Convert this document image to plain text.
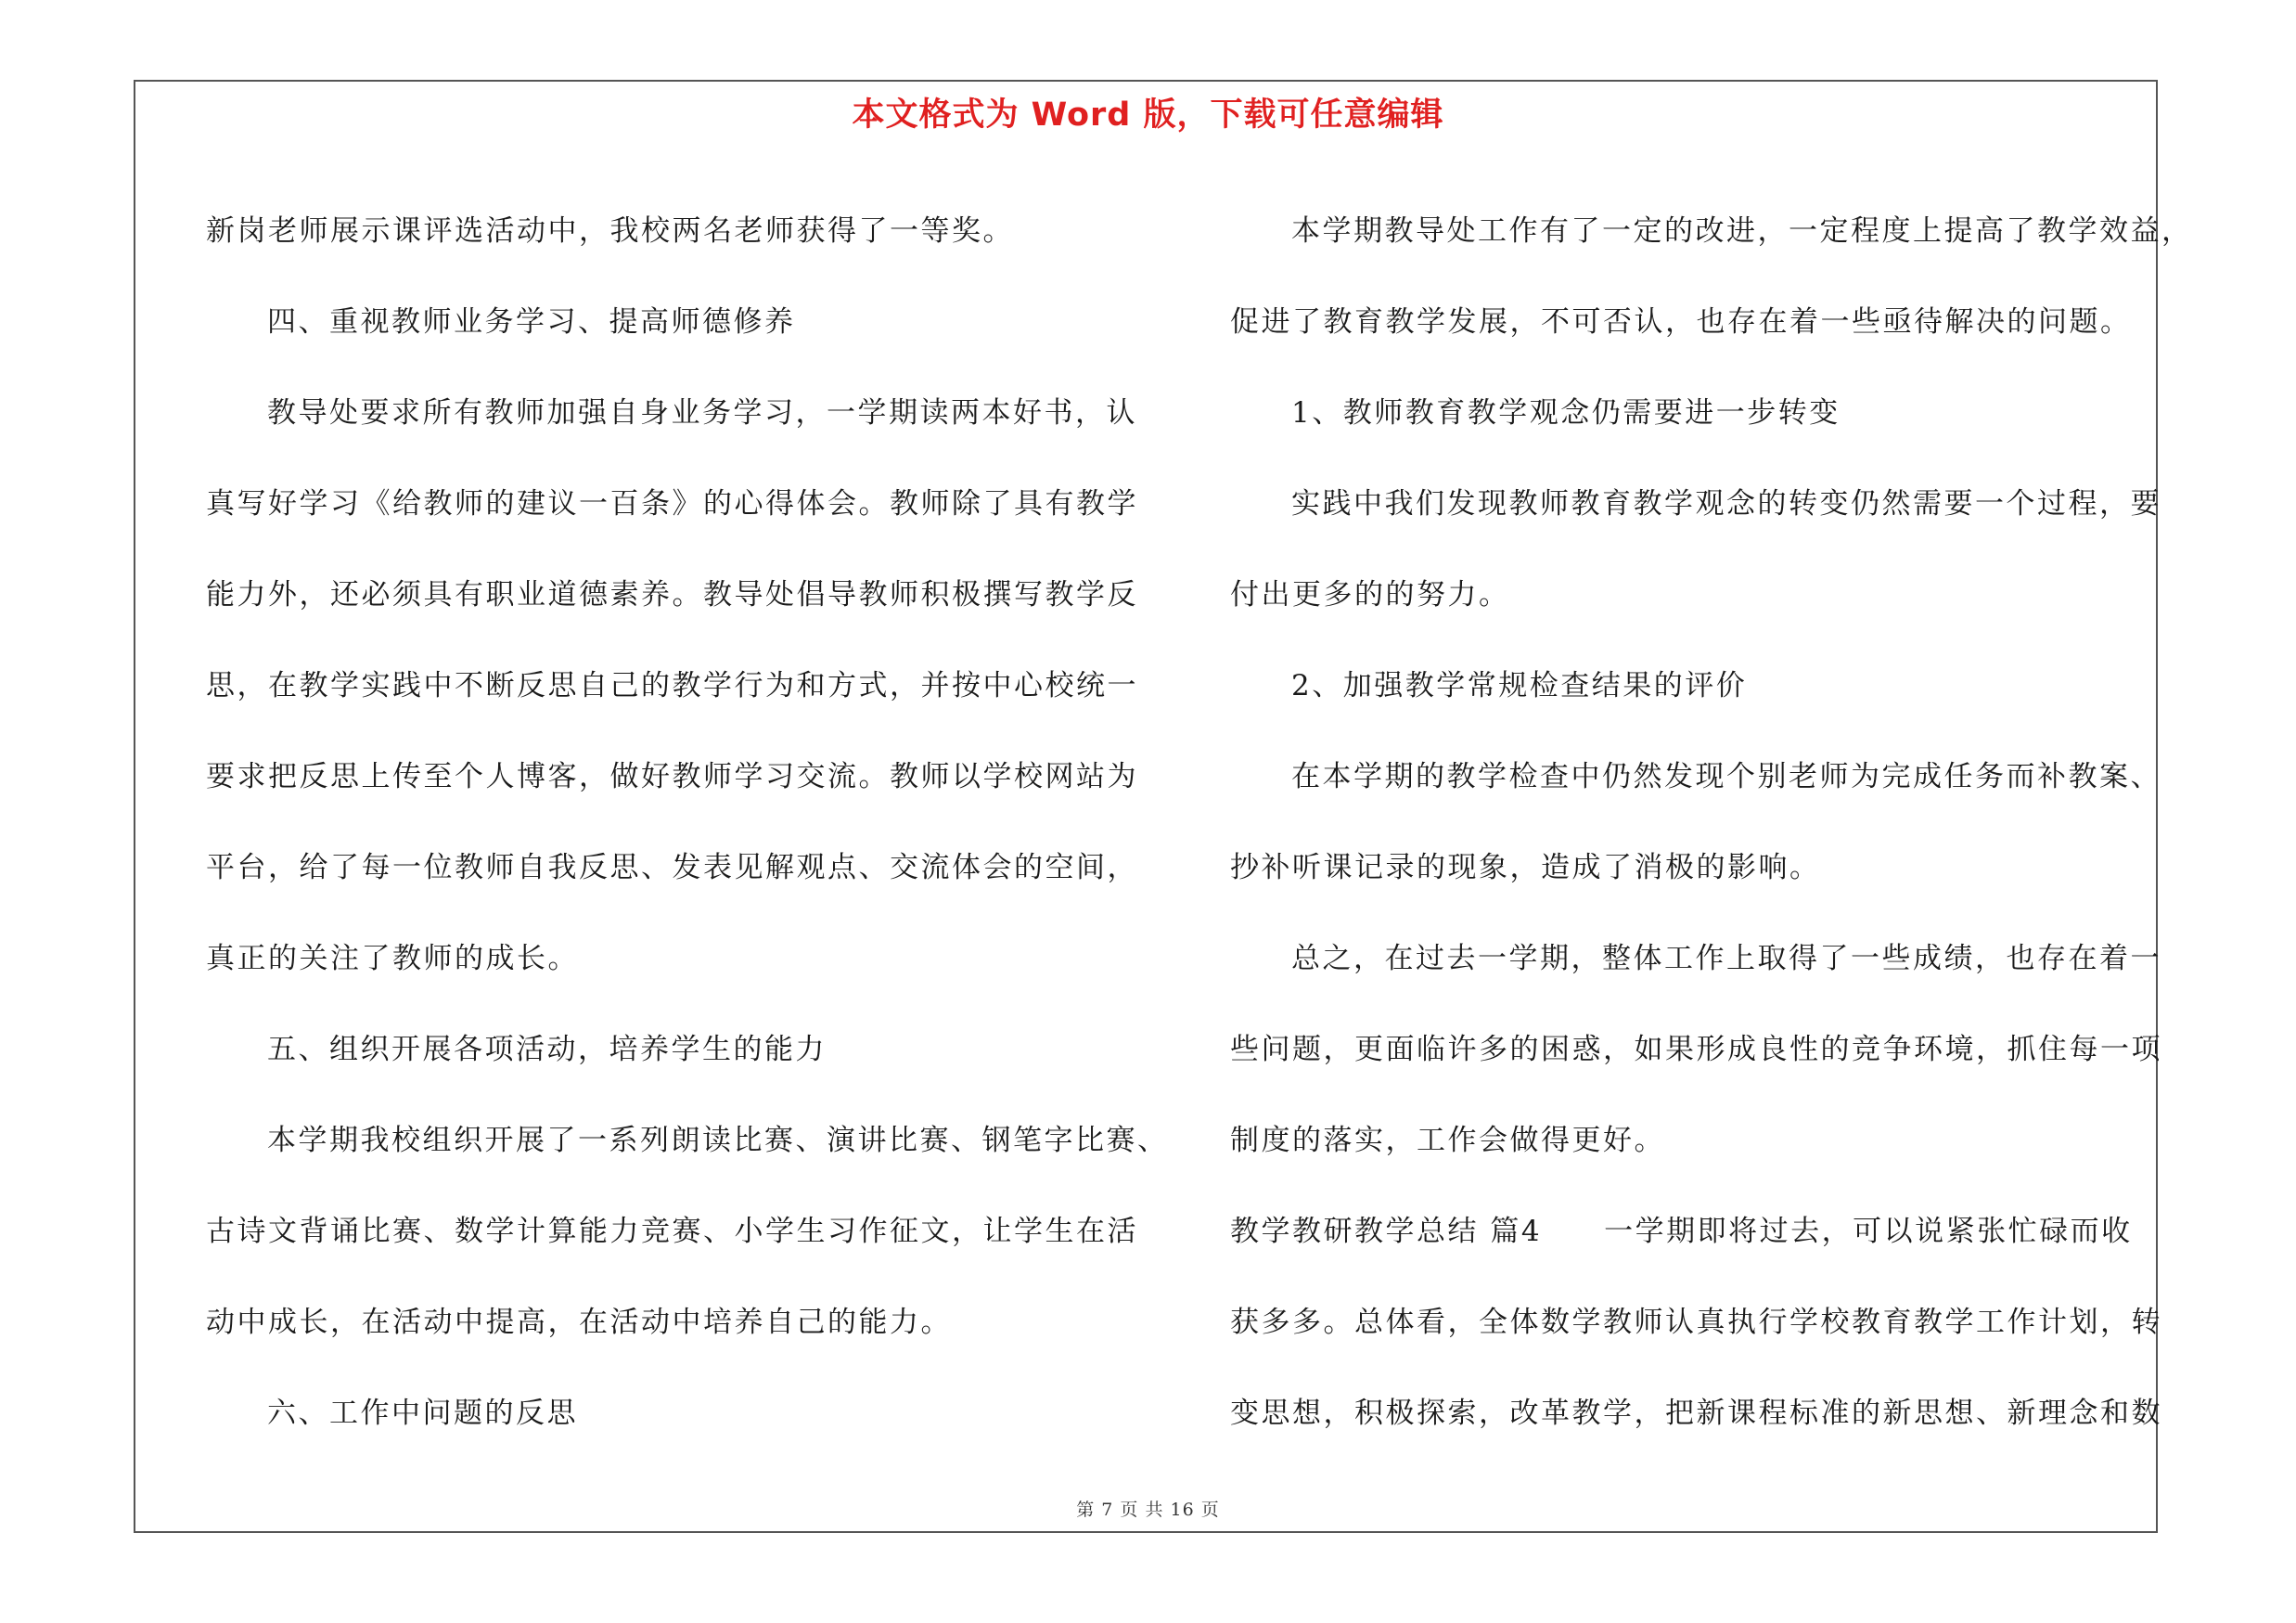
本文格式为 Word 版，下载可任意编辑
新岗老师展示课评选活动中，我校两名老师获得了一等奖。
四、重视教师业务学习、提高师德修养
教导处要求所有教师加强自身业务学习，一学期读两本好书，认
真写好学习《给教师的建议一百条》的心得体会。教师除了具有教学
能力外，还必须具有职业道德素养。教导处倡导教师积极撰写教学反
思，在教学实践中不断反思自己的教学行为和方式，并按中心校统一
要求把反思上传至个人博客，做好教师学习交流。教师以学校网站为
平台，给了每一位教师自我反思、发表见解观点、交流体会的空间，
真正的关注了教师的成长。
五、组织开展各项活动，培养学生的能力
本学期我校组织开展了一系列朗读比赛、演讲比赛、钢笔字比赛、
古诗文背诵比赛、数学计算能力竞赛、小学生习作征文，让学生在活
动中成长，在活动中提高，在活动中培养自己的能力。
六、工作中问题的反思
本学期教导处工作有了一定的改进，一定程度上提高了教学效益，
促进了教育教学发展，不可否认，也存在着一些亟待解决的问题。
1、教师教育教学观念仍需要进一步转变
实践中我们发现教师教育教学观念的转变仍然需要一个过程，要
付出更多的的努力。
2、加强教学常规检查结果的评价
在本学期的教学检查中仍然发现个别老师为完成任务而补教案、
抄补听课记录的现象，造成了消极的影响。
总之，在过去一学期，整体工作上取得了一些成绩，也存在着一
些问题，更面临许多的困惑，如果形成良性的竞争环境，抓住每一项
制度的落实，工作会做得更好。
教学教研教学总结 篇4　　一学期即将过去，可以说紧张忙碌而收
获多多。总体看，全体数学教师认真执行学校教育教学工作计划，转
变思想，积极探索，改革教学，把新课程标准的新思想、新理念和数
第 7 页 共 16 页
